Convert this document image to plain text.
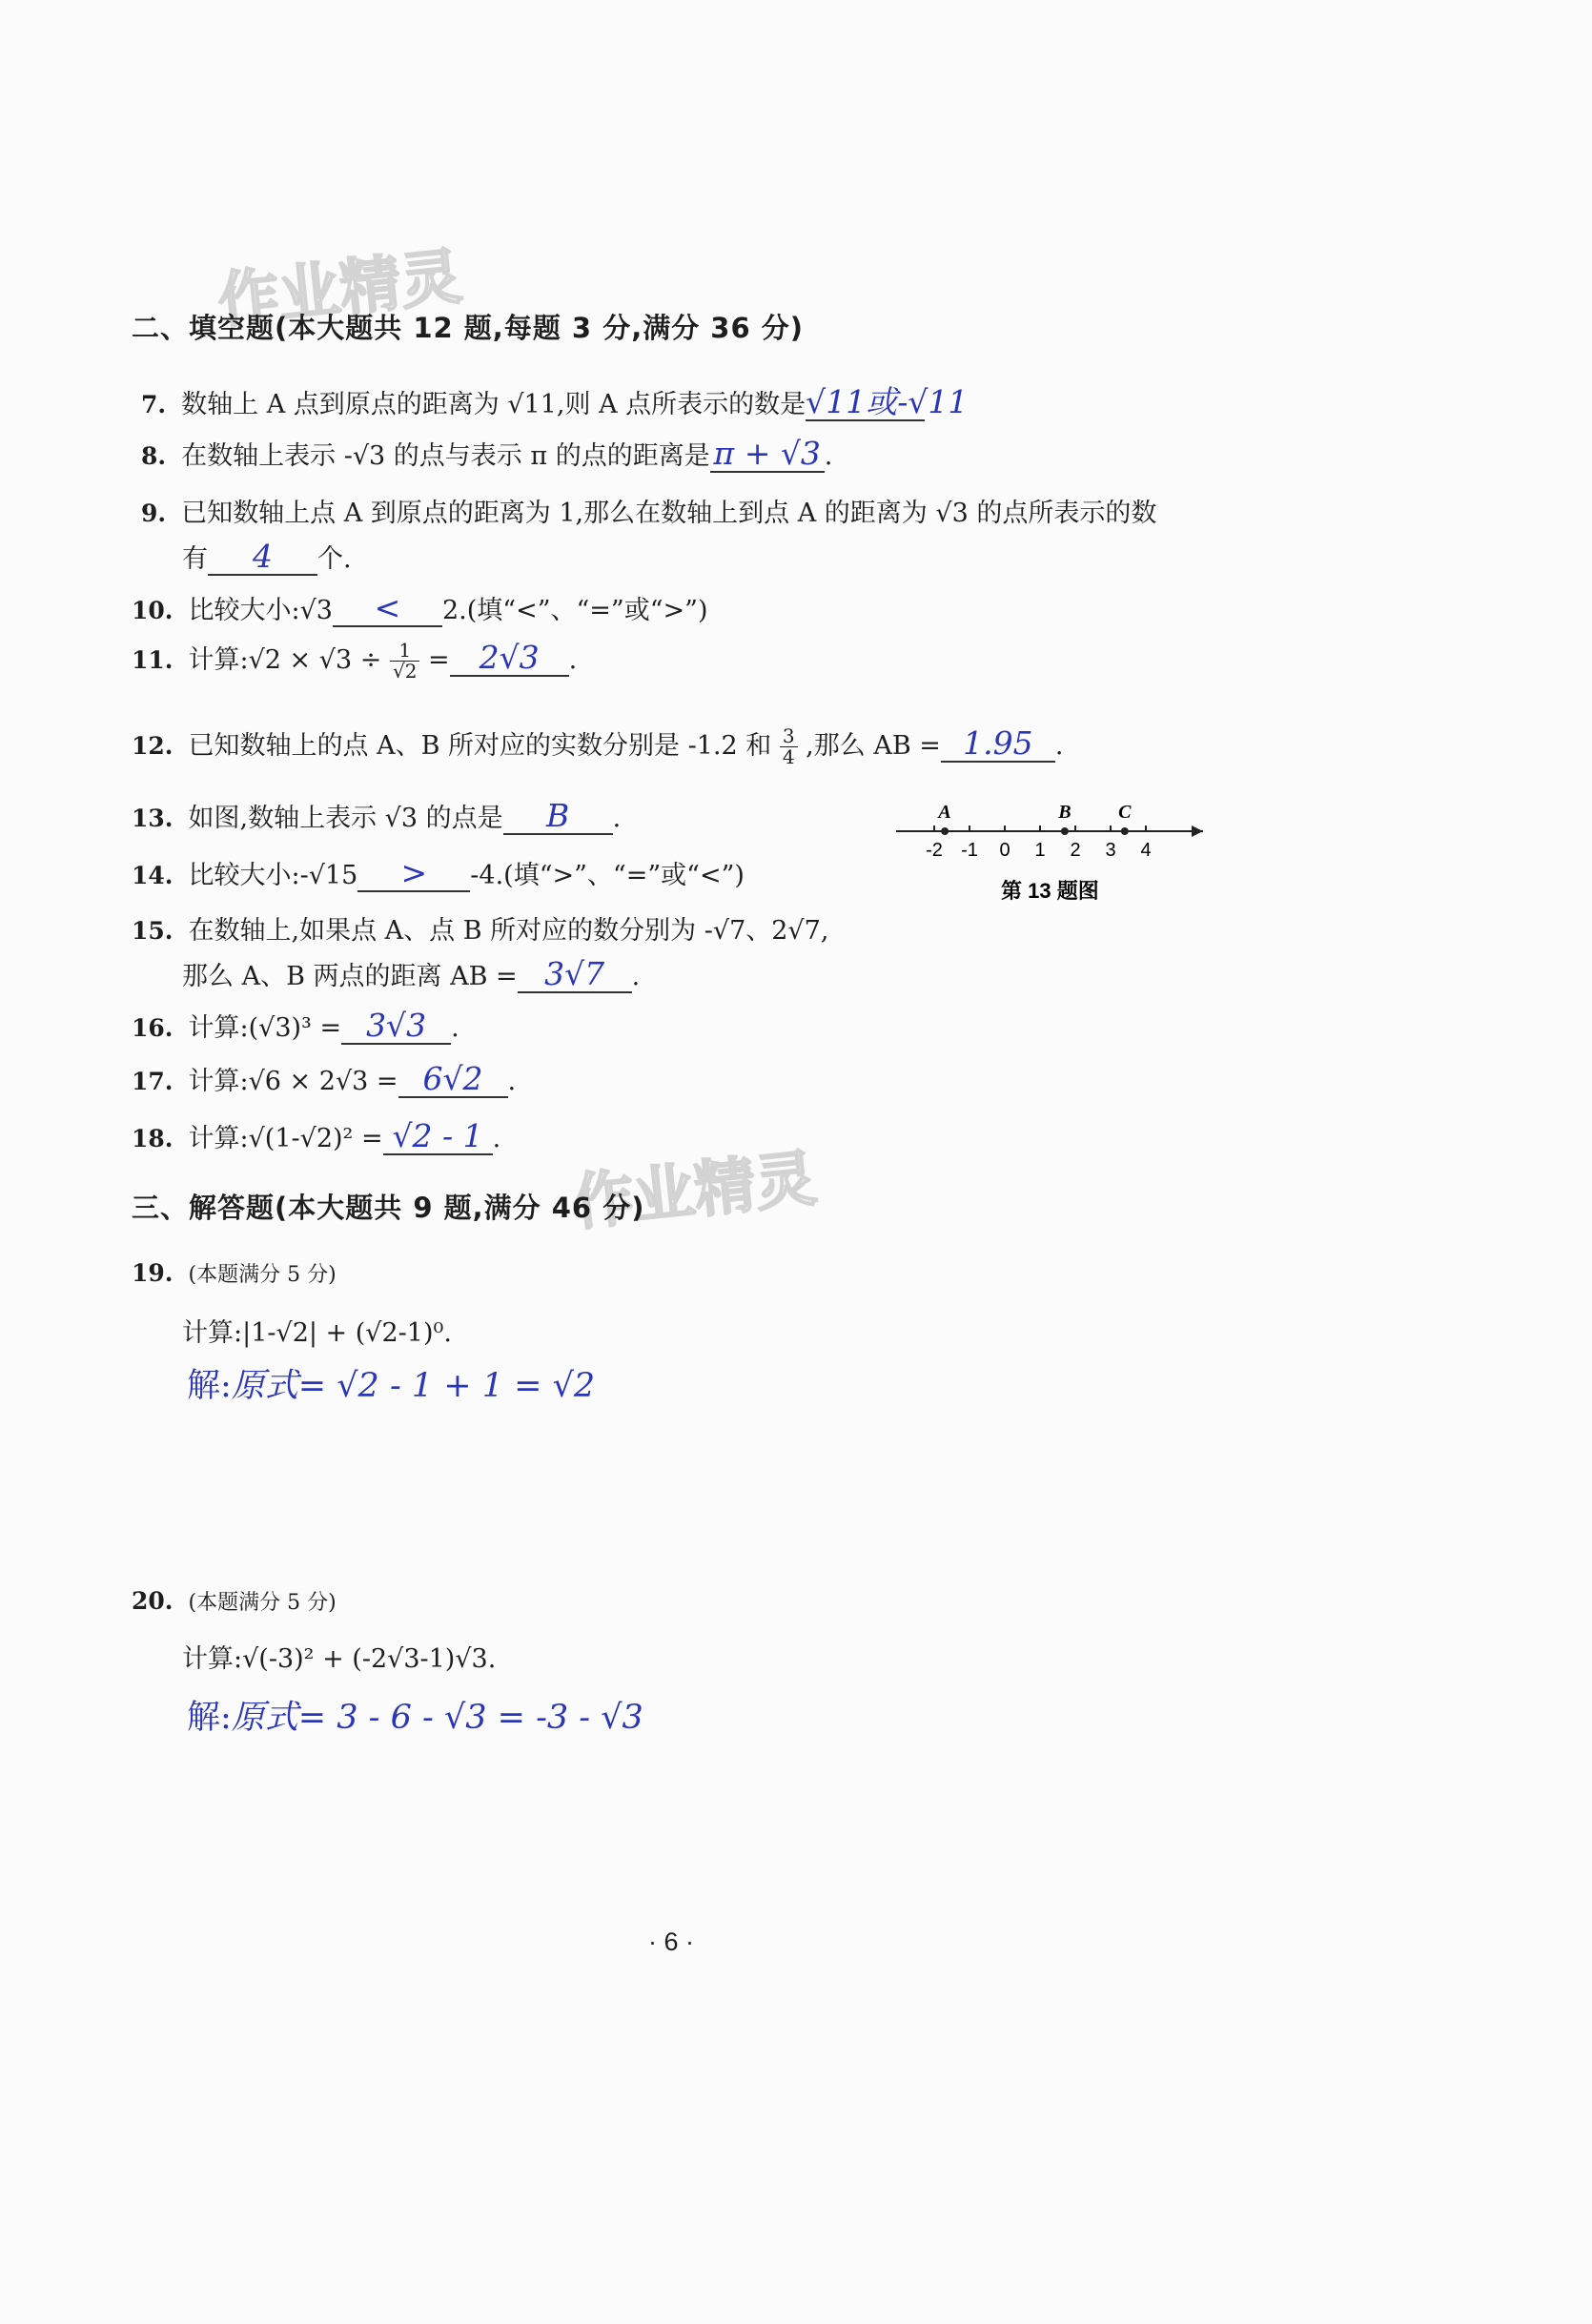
作业精灵
作业精灵
二、填空题(本大题共 12 题,每题 3 分,满分 36 分)
7. 数轴上 A 点到原点的距离为 √11,则 A 点所表示的数是√11或-√11
8. 在数轴上表示 -√3 的点与表示 π 的点的距离是 π + √3 .
9. 已知数轴上点 A 到原点的距离为 1,那么在数轴上到点 A 的距离为 √3 的点所表示的数
有 4 个.
10. 比较大小:√3 < 2.(填“<”、“=”或“>”)
11. 计算:√2 × $√3 \div \frac{1}{√2} = 2√3$ .
12. 已知数轴上的点 A、B 所对应的实数分别是 -1.2 和 $\frac{3}{4}$ ,那么 AB = 1.95 .
13. 如图,数轴上表示 √3 的点是 B .
-2 -1 0 1 2 3 4
A	B C
第 13 题图
14. 比较大小:-√15 > -4.(填“>”、“=”或“<”)
15. 在数轴上,如果点 A、点 B 所对应的数分别为 -√7、2√7,
那么 A、B 两点的距离 AB = 3√7 .
16. 计算:(√3)³ = 3√3 .
17. 计算:√6 × 2√3 = 6√2 .
18. 计算:√(1-√2)² = √2 - 1 .
三、解答题(本大题共 9 题,满分 46 分)
19. (本题满分 5 分)
计算:|1-√2| + (√2-1)⁰.
解:原式= √2 - 1 + 1 = √2
20. (本题满分 5 分)
计算:√(-3)² + (-2√3-1)√3.
解:原式= 3 - 6 - √3 = -3 - √3
· 6 ·
